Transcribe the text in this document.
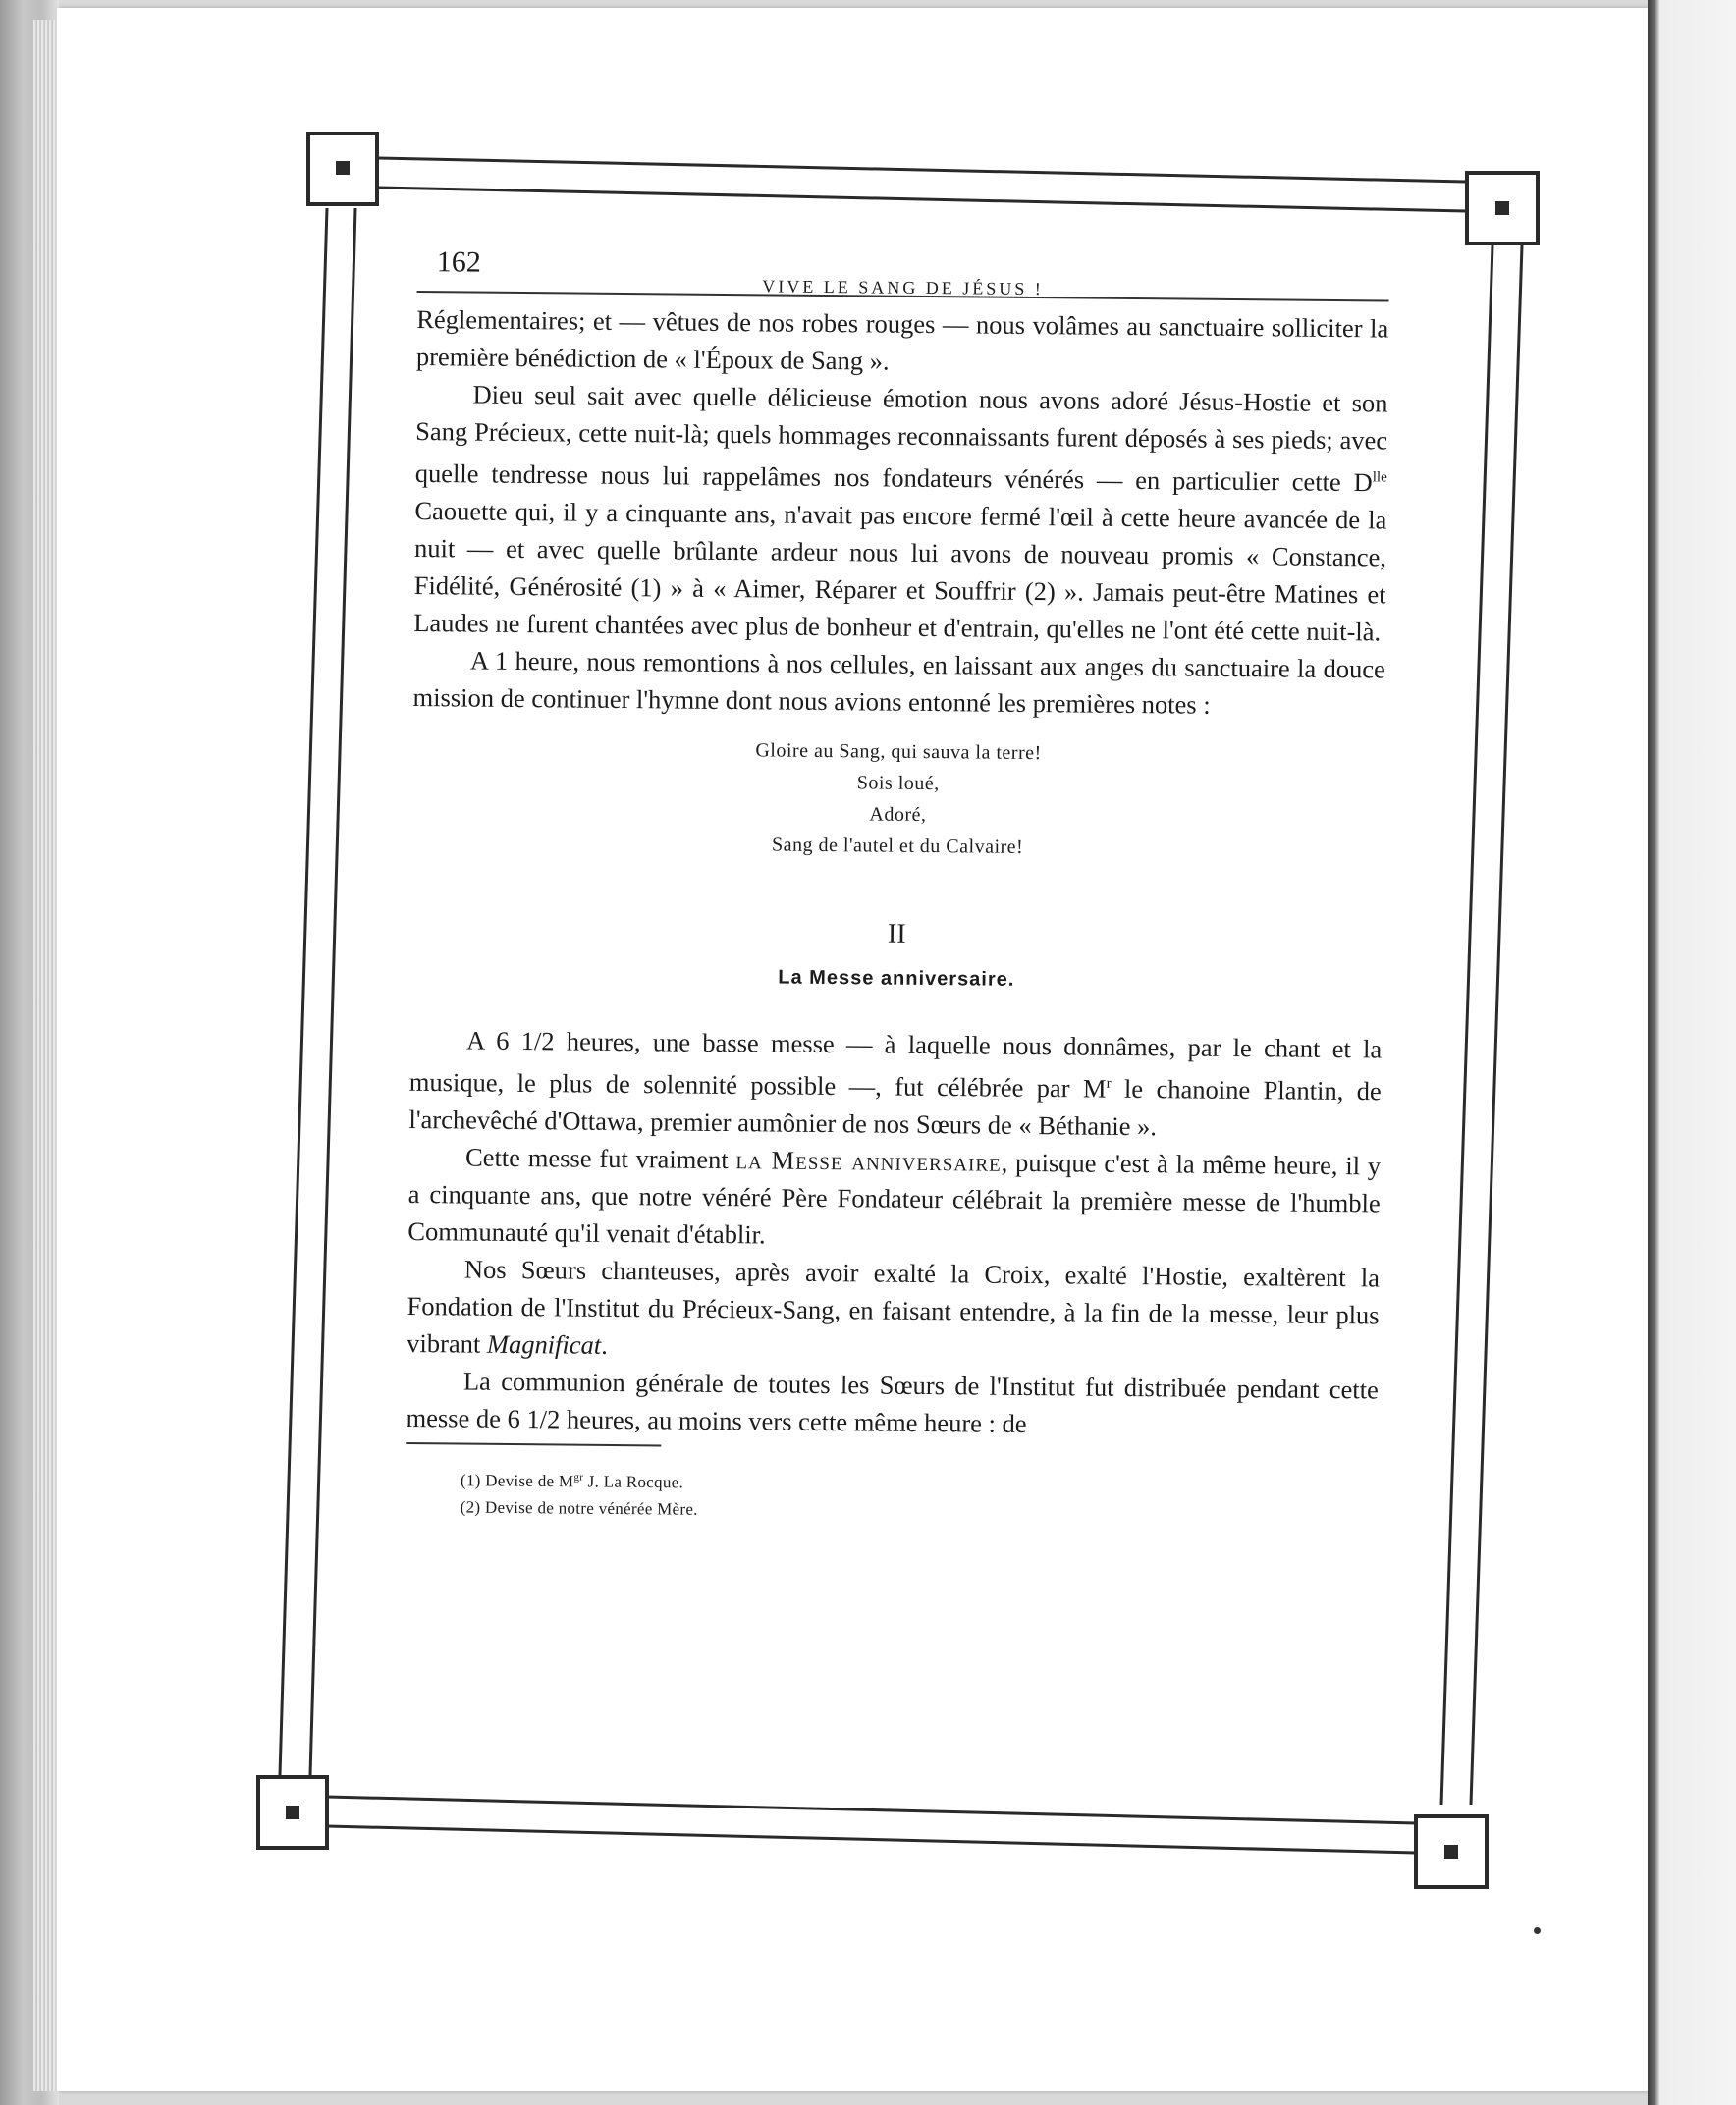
162
VIVE LE SANG DE JÉSUS !

Réglementaires; et — vêtues de nos robes rouges — nous volâmes au sanctuaire solliciter la première bénédiction de « l'Époux de Sang ».

Dieu seul sait avec quelle délicieuse émotion nous avons adoré Jésus-Hostie et son Sang Précieux, cette nuit-là; quels hommages reconnaissants furent déposés à ses pieds; avec quelle tendresse nous lui rappelâmes nos fondateurs vénérés — en particulier cette $D^{lle}$ Caouette qui, il y a cinquante ans, n'avait pas encore fermé l'œil à cette heure avancée de la nuit — et avec quelle brûlante ardeur nous lui avons de nouveau promis « Constance, Fidélité, Générosité (1) » à « Aimer, Réparer et Souffrir (2) ». Jamais peut-être Matines et Laudes ne furent chantées avec plus de bonheur et d'entrain, qu'elles ne l'ont été cette nuit-là.

A 1 heure, nous remontions à nos cellules, en laissant aux anges du sanctuaire la douce mission de continuer l'hymne dont nous avions entonné les premières notes :

Gloire au Sang, qui sauva la terre!
Sois loué,
Adoré,
Sang de l'autel et du Calvaire!
II
La Messe anniversaire.

A 6 1/2 heures, une basse messe — à laquelle nous donnâmes, par le chant et la musique, le plus de solennité possible —, fut célébrée par $M^r$ le chanoine Plantin, de l'archevêché d'Ottawa, premier aumônier de nos Sœurs de « Béthanie ».

Cette messe fut vraiment la Messe anniversaire, puisque c'est à la même heure, il y a cinquante ans, que notre vénéré Père Fondateur célébrait la première messe de l'humble Communauté qu'il venait d'établir.

Nos Sœurs chanteuses, après avoir exalté la Croix, exalté l'Hostie, exaltèrent la Fondation de l'Institut du Précieux-Sang, en faisant entendre, à la fin de la messe, leur plus vibrant Magnificat.

La communion générale de toutes les Sœurs de l'Institut fut distribuée pendant cette messe de 6 1/2 heures, au moins vers cette même heure : de

(1) Devise de $M^{gr}$ J. La Rocque.
(2) Devise de notre vénérée Mère.
